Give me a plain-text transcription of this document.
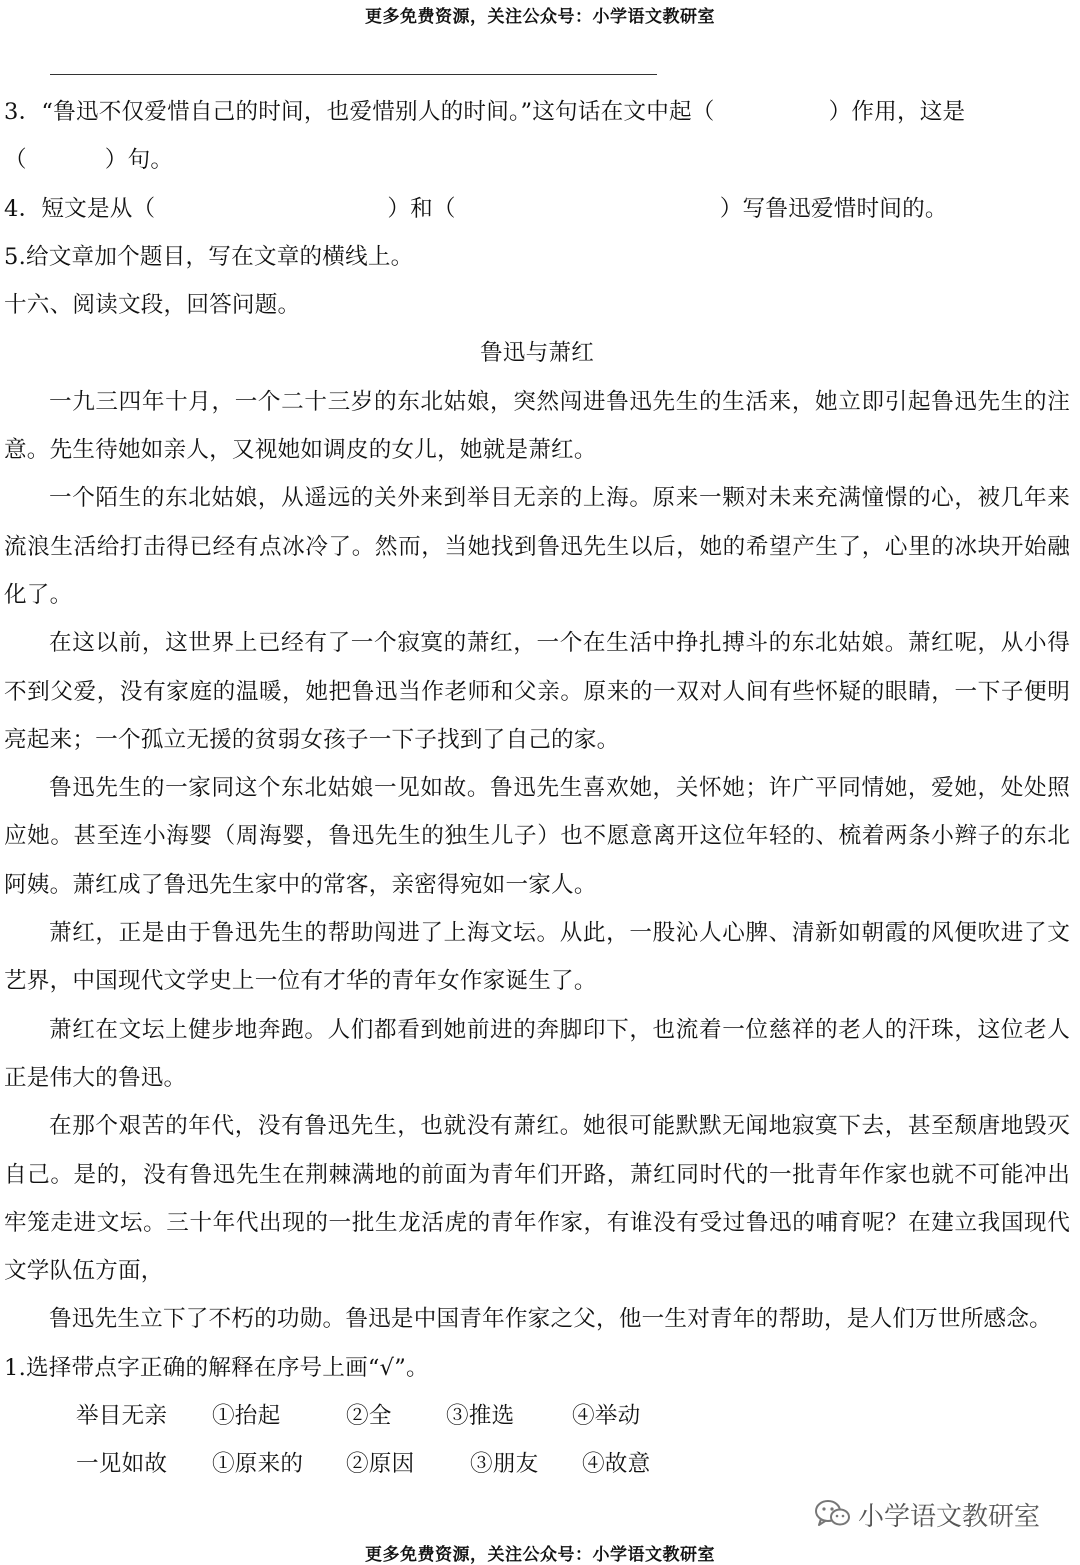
更多免费资源，关注公众号：小学语文教研室

3．“鲁迅不仅爱惜自己的时间，也爱惜别人的时间。”这句话在文中起（	）作用，这是

（	）句。

4．短文是从（	）和（	）写鲁迅爱惜时间的。

5.给文章加个题目，写在文章的横线上。

十六、阅读文段，回答问题。

鲁迅与萧红

一九三四年十月，一个二十三岁的东北姑娘，突然闯进鲁迅先生的生活来，她立即引起鲁迅先生的注意。先生待她如亲人，又视她如调皮的女儿，她就是萧红。

一个陌生的东北姑娘，从遥远的关外来到举目无亲的上海。原来一颗对未来充满憧憬的心，被几年来流浪生活给打击得已经有点冰冷了。然而，当她找到鲁迅先生以后，她的希望产生了，心里的冰块开始融化了。

在这以前，这世界上已经有了一个寂寞的萧红，一个在生活中挣扎搏斗的东北姑娘。萧红呢，从小得不到父爱，没有家庭的温暖，她把鲁迅当作老师和父亲。原来的一双对人间有些怀疑的眼睛，一下子便明亮起来；一个孤立无援的贫弱女孩子一下子找到了自己的家。

鲁迅先生的一家同这个东北姑娘一见如故。鲁迅先生喜欢她，关怀她；许广平同情她，爱她，处处照应她。甚至连小海婴（周海婴，鲁迅先生的独生儿子）也不愿意离开这位年轻的、梳着两条小辫子的东北阿姨。萧红成了鲁迅先生家中的常客，亲密得宛如一家人。

萧红，正是由于鲁迅先生的帮助闯进了上海文坛。从此，一股沁人心脾、清新如朝霞的风便吹进了文艺界，中国现代文学史上一位有才华的青年女作家诞生了。

萧红在文坛上健步地奔跑。人们都看到她前进的奔脚印下，也流着一位慈祥的老人的汗珠，这位老人正是伟大的鲁迅。

在那个艰苦的年代，没有鲁迅先生，也就没有萧红。她很可能默默无闻地寂寞下去，甚至颓唐地毁灭自己。是的，没有鲁迅先生在荆棘满地的前面为青年们开路，萧红同时代的一批青年作家也就不可能冲出牢笼走进文坛。三十年代出现的一批生龙活虎的青年作家，有谁没有受过鲁迅的哺育呢？在建立我国现代文学队伍方面，

鲁迅先生立下了不朽的功勋。鲁迅是中国青年作家之父，他一生对青年的帮助，是人们万世所感念。

1.选择带点字正确的解释在序号上画“√”。

举目无亲 ①抬起	②全 ③推选	④举动

一见如故 ①原来的 ②原因 ③朋友 ④故意

小学语文教研室
更多免费资源，关注公众号：小学语文教研室
